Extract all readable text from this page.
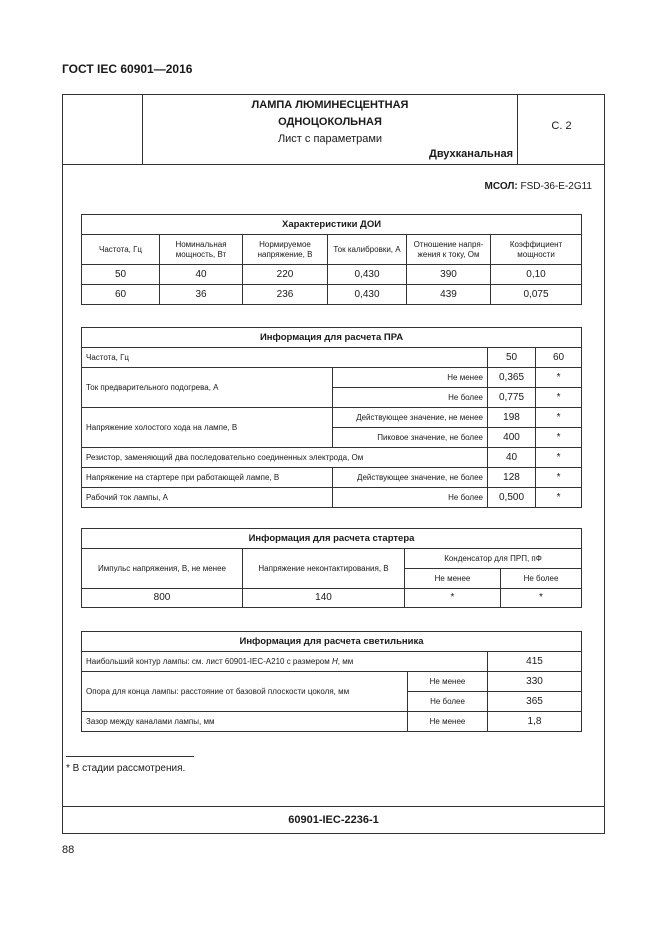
ГОСТ IEC 60901—2016
ЛАМПА ЛЮМИНЕСЦЕНТНАЯ
ОДНОЦОКОЛЬНАЯ
Лист с параметрами
Двухканальная
С. 2
МСОЛ: FSD-36-E-2G11
Характеристики ДОИ					
Частота, Гц	Номинальная мощность, Вт	Нормируемое напряжение, В	Ток калибровки, А	Отношение напря- жения к току, Ом	Коэффициент мощности
50	40	220	0,430	390	0,10
60	36	236	0,430	439	0,075
Информация для расчета ПРА			
Частота, Гц		50	60
Ток предварительного подогрева, А	Не менее	0,365	*
	Не более	0,775	*
Напряжение холостого хода на лампе, В	Действующее значение, не менее	198	*
	Пиковое значение, не более	400	*
Резистор, заменяющий два последовательно соединенных электрода, Ом		40	*
Напряжение на стартере при работающей лампе, В	Действующее значение, не более	128	*
Рабочий ток лампы, А	Не более	0,500	*
Информация для расчета стартера			
Импульс напряжения, В, не менее	Напряжение неконтактирования, В	Конденсатор для ПРП, пФ	
		Не менее	Не более
800	140	*	*
Информация для расчета светильника		
Наибольший контур лампы: см. лист 60901-IEC-A210 с размером H, мм		415
Опора для конца лампы: расстояние от базовой плоскости цоколя, мм	Не менее	330
	Не более	365
Зазор между каналами лампы, мм	Не менее	1,8
* В стадии рассмотрения.
60901-IEC-2236-1
88
